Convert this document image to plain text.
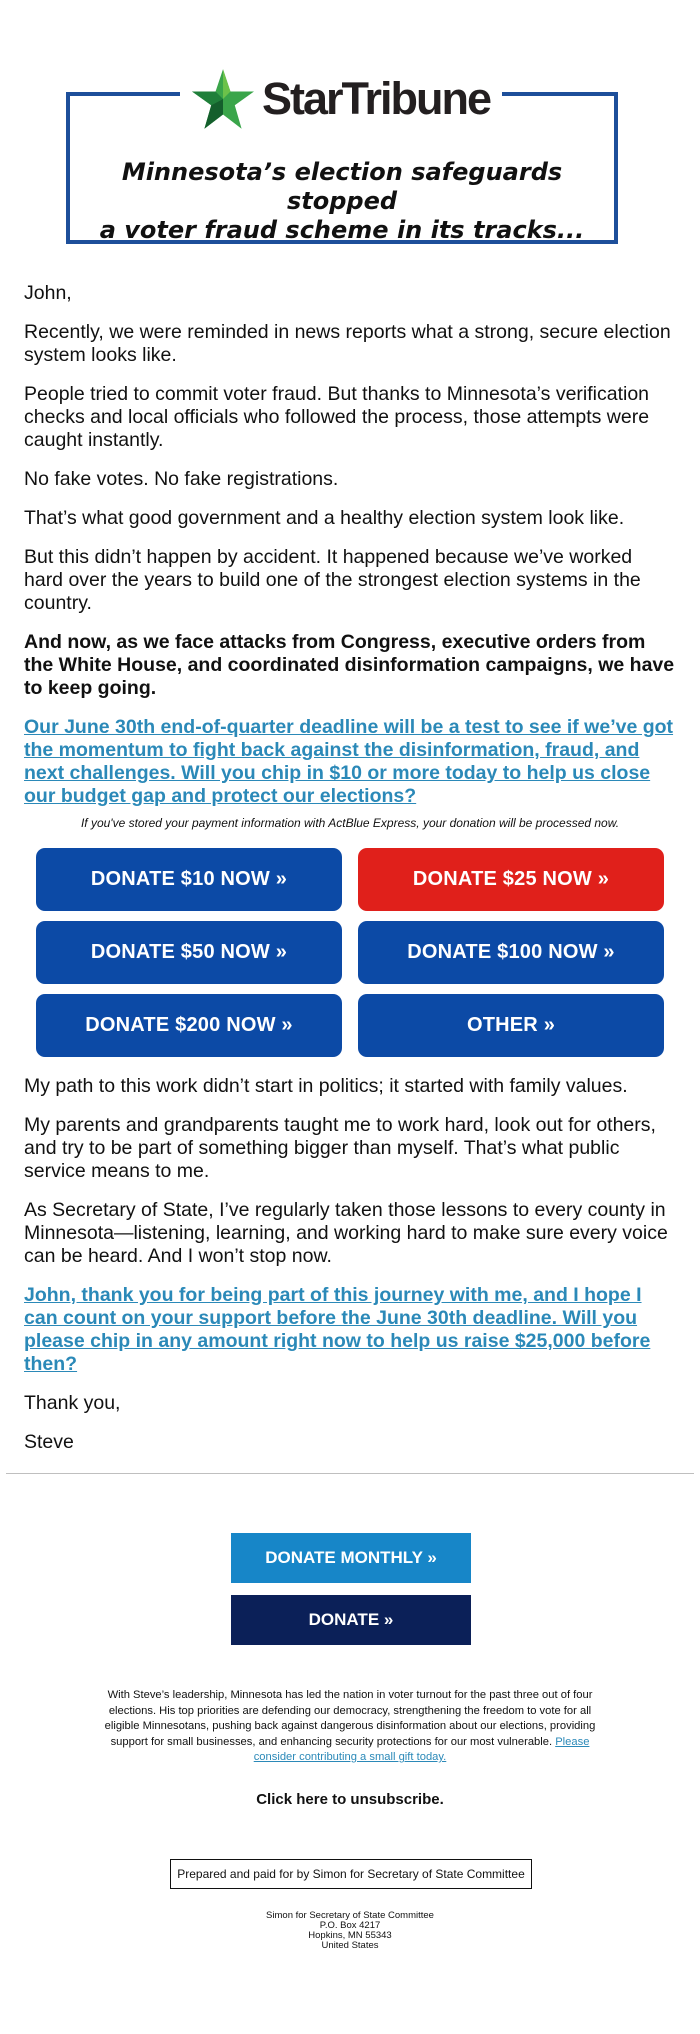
StarTribune
Minnesota’s election safeguards stopped
a voter fraud scheme in its tracks...

John,

Recently, we were reminded in news reports what a strong, secure election system looks like.

People tried to commit voter fraud. But thanks to Minnesota’s verification checks and local officials who followed the process, those attempts were caught instantly.

No fake votes. No fake registrations.

That’s what good government and a healthy election system look like.

But this didn’t happen by accident. It happened because we’ve worked hard over the years to build one of the strongest election systems in the country.

And now, as we face attacks from Congress, executive orders from the White House, and coordinated disinformation campaigns, we have to keep going.

Our June 30th end-of-quarter deadline will be a test to see if we’ve got the momentum to fight back against the disinformation, fraud, and next challenges. Will you chip in $10 or more today to help us close our budget gap and protect our elections?

If you've stored your payment information with ActBlue Express, your donation will be processed now.

DONATE $10 NOW »	DONATE $25 NOW »
DONATE $50 NOW »	DONATE $100 NOW »
DONATE $200 NOW »	OTHER »

My path to this work didn’t start in politics; it started with family values.

My parents and grandparents taught me to work hard, look out for others, and try to be part of something bigger than myself. That’s what public service means to me.

As Secretary of State, I’ve regularly taken those lessons to every county in Minnesota—listening, learning, and working hard to make sure every voice can be heard. And I won’t stop now.

John, thank you for being part of this journey with me, and I hope I can count on your support before the June 30th deadline. Will you please chip in any amount right now to help us raise $25,000 before then?

Thank you,

Steve

DONATE MONTHLY »
DONATE »
With Steve’s leadership, Minnesota has led the nation in voter turnout for the past three out of four elections. His top priorities are defending our democracy, strengthening the freedom to vote for all eligible Minnesotans, pushing back against dangerous disinformation about our elections, providing support for small businesses, and enhancing security protections for our most vulnerable. Please consider contributing a small gift today.
Click here to unsubscribe.
Prepared and paid for by Simon for Secretary of State Committee
Simon for Secretary of State Committee
P.O. Box 4217
Hopkins, MN 55343
United States
